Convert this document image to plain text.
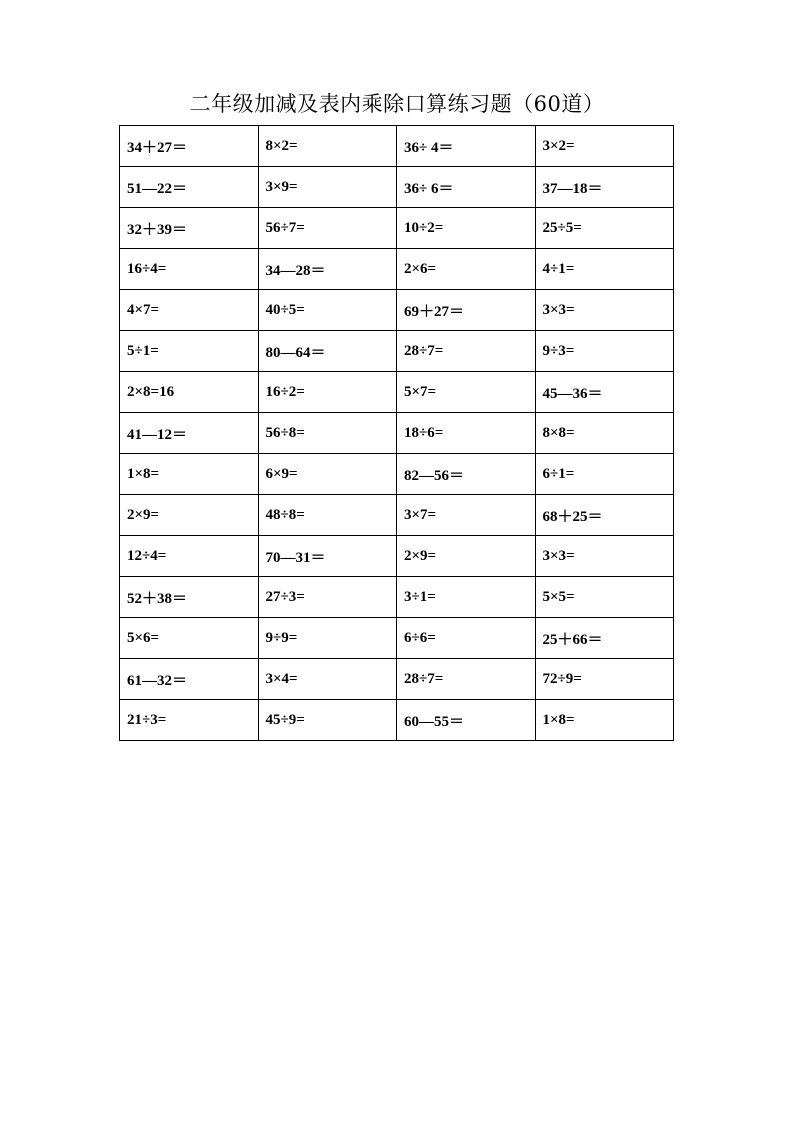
二年级加减及表内乘除口算练习题（60道）
34＋27＝	8×2=	36÷ 4＝	3×2=
51—22＝	3×9=	36÷ 6＝	37—18＝
32＋39＝	56÷7=	10÷2=	25÷5=
16÷4=	34—28＝	2×6=	4÷1=
4×7=	40÷5=	69＋27＝	3×3=
5÷1=	80—64＝	28÷7=	9÷3=
2×8=16	16÷2=	5×7=	45—36＝
41—12＝	56÷8=	18÷6=	8×8=
1×8=	6×9=	82—56＝	6÷1=
2×9=	48÷8=	3×7=	68＋25＝
12÷4=	70—31＝	2×9=	3×3=
52＋38＝	27÷3=	3÷1=	5×5=
5×6=	9÷9=	6÷6=	25＋66＝
61—32＝	3×4=	28÷7=	72÷9=
21÷3=	45÷9=	60—55＝	1×8=
